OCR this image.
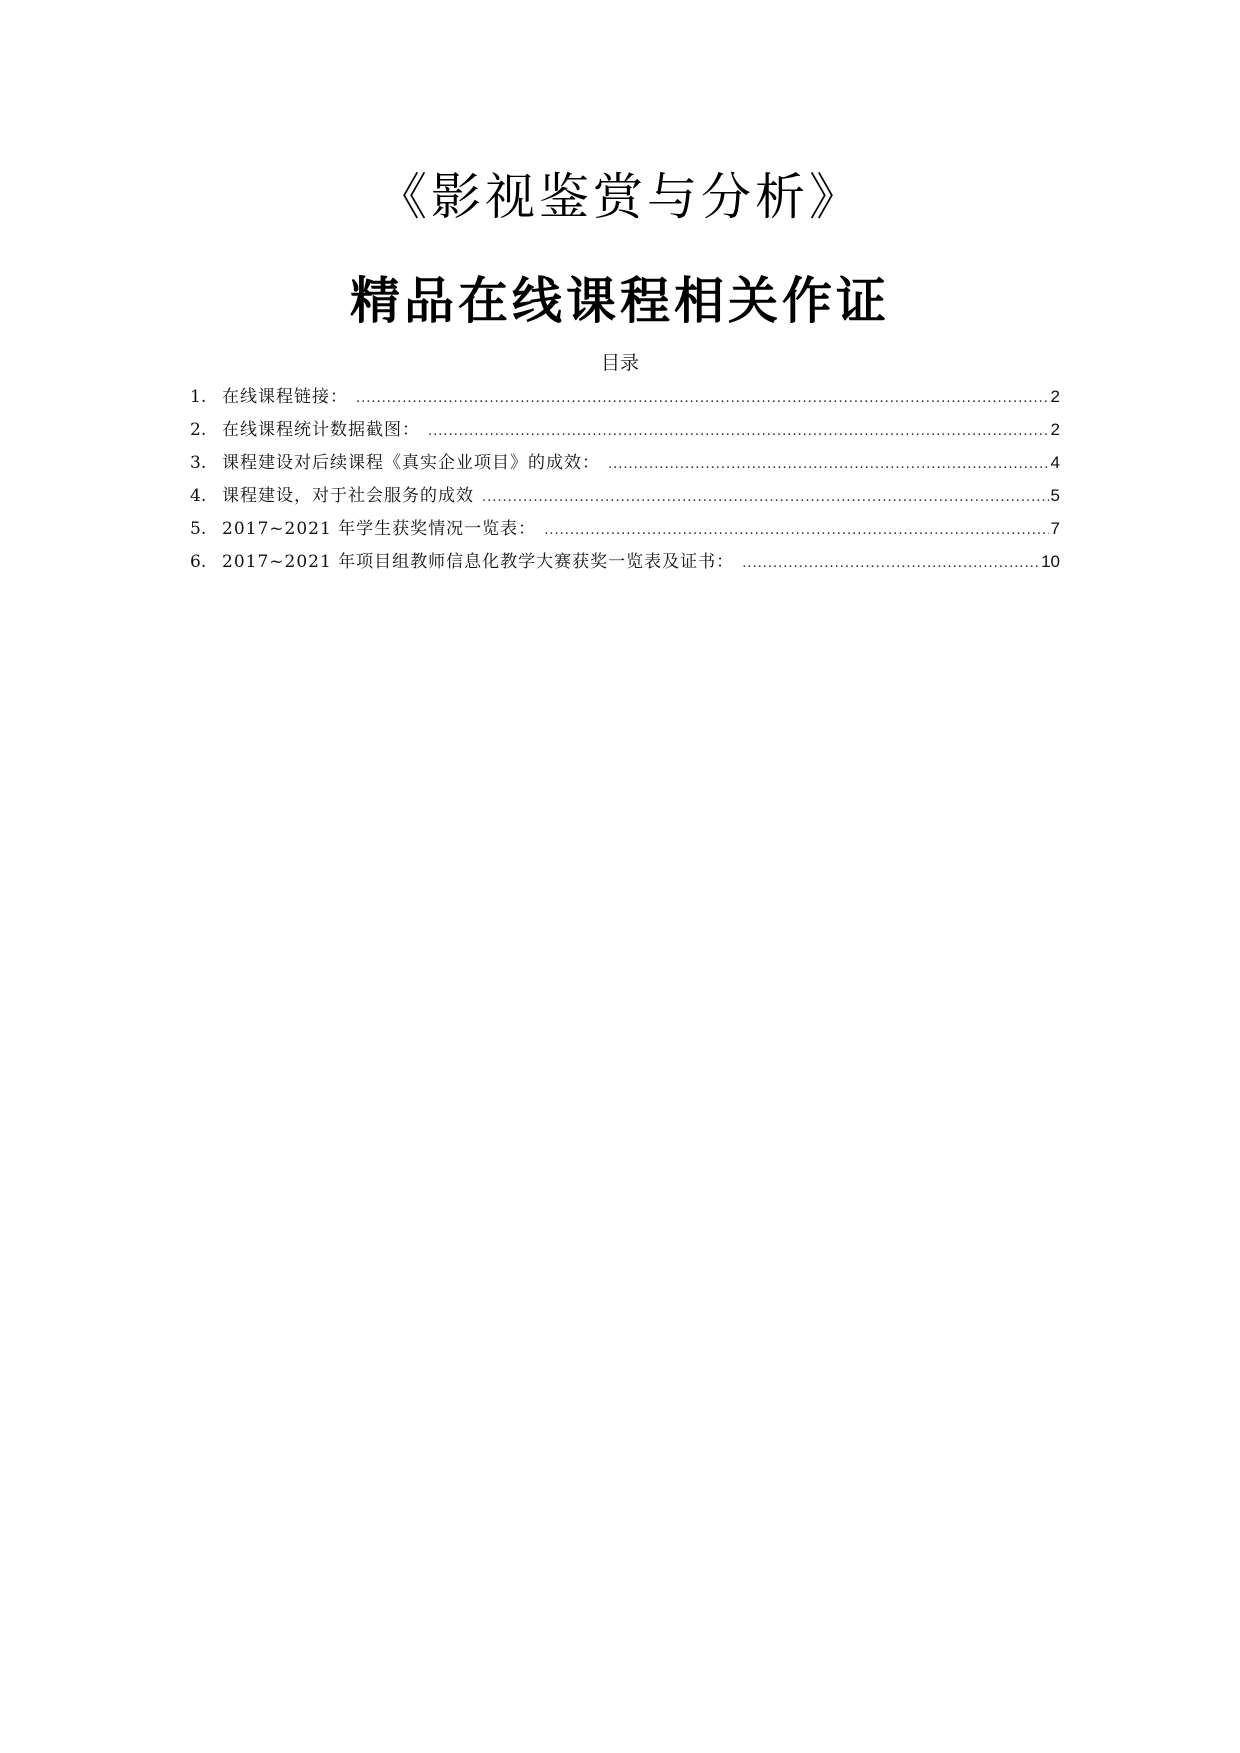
《影视鉴赏与分析》
精品在线课程相关作证
目录
1. 在线课程链接： .....	2
2. 在线课程统计数据截图： .....	2
3. 课程建设对后续课程《真实企业项目》的成效： .....	4
4. 课程建设，对于社会服务的成效 .....	5
5. 2017~2021 年学生获奖情况一览表： .....	7
6. 2017~2021 年项目组教师信息化教学大赛获奖一览表及证书： .....	10
